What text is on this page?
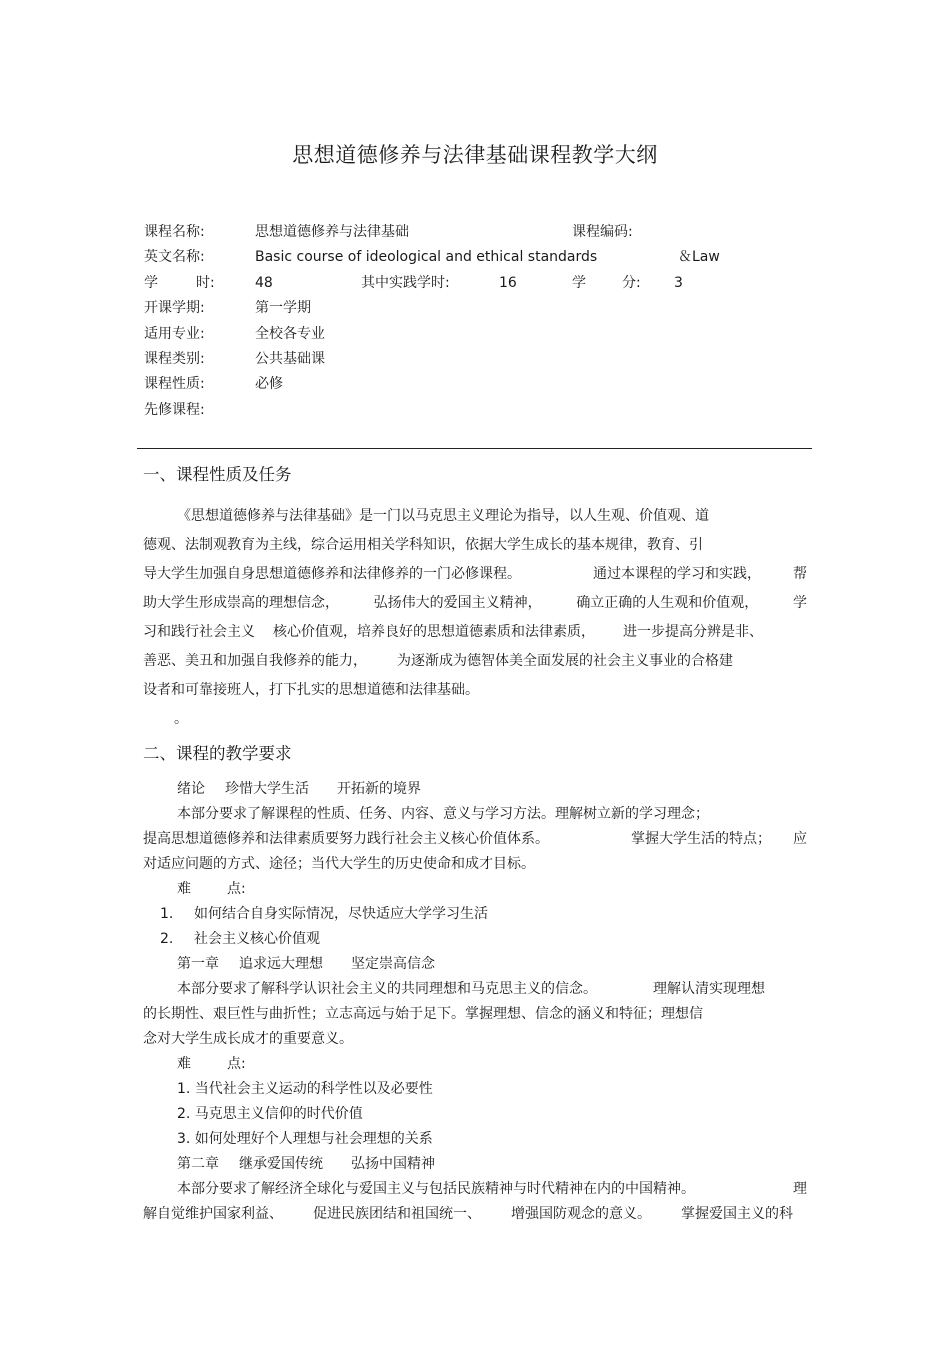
思想道德修养与法律基础课程教学大纲
课程名称:	思想道德修养与法律基础	课程编码:
英文名称:	Basic course of ideological and ethical standards	＆Law
学	时:	48	其中实践学时:	16	学	分: 3
开课学期:	第一学期
适用专业:	全校各专业
课程类别:	公共基础课
课程性质:	必修
先修课程:
一、课程性质及任务
《思想道德修养与法律基础》是一门以马克思主义理论为指导，以人生观、价值观、道
德观、法制观教育为主线，综合运用相关学科知识，依据大学生成长的基本规律，教育、引
导大学生加强自身思想道德修养和法律修养的一门必修课程。	通过本课程的学习和实践， 帮
助大学生形成崇高的理想信念， 弘扬伟大的爱国主义精神， 确立正确的人生观和价值观， 学
习和践行社会主义 核心价值观，培养良好的思想道德素质和法律素质， 进一步提高分辨是非、
善恶、美丑和加强自我修养的能力， 为逐渐成为德智体美全面发展的社会主义事业的合格建
设者和可靠接班人，打下扎实的思想道德和法律基础。
。
二、课程的教学要求
绪论 珍惜大学生活 开拓新的境界
本部分要求了解课程的性质、任务、内容、意义与学习方法。理解树立新的学习理念；
提高思想道德修养和法律素质要努力践行社会主义核心价值体系。	掌握大学生活的特点； 应
对适应问题的方式、途径；当代大学生的历史使命和成才目标。
难	点:
1. 如何结合自身实际情况，尽快适应大学学习生活
2. 社会主义核心价值观
第一章 追求远大理想 坚定崇高信念
本部分要求了解科学认识社会主义的共同理想和马克思主义的信念。	理解认清实现理想
的长期性、艰巨性与曲折性；立志高远与始于足下。掌握理想、信念的涵义和特征；理想信
念对大学生成长成才的重要意义。
难	点:
1. 当代社会主义运动的科学性以及必要性
2. 马克思主义信仰的时代价值
3. 如何处理好个人理想与社会理想的关系
第二章 继承爱国传统 弘扬中国精神
本部分要求了解经济全球化与爱国主义与包括民族精神与时代精神在内的中国精神。	理
解自觉维护国家利益、 促进民族团结和祖国统一、 增强国防观念的意义。 掌握爱国主义的科
